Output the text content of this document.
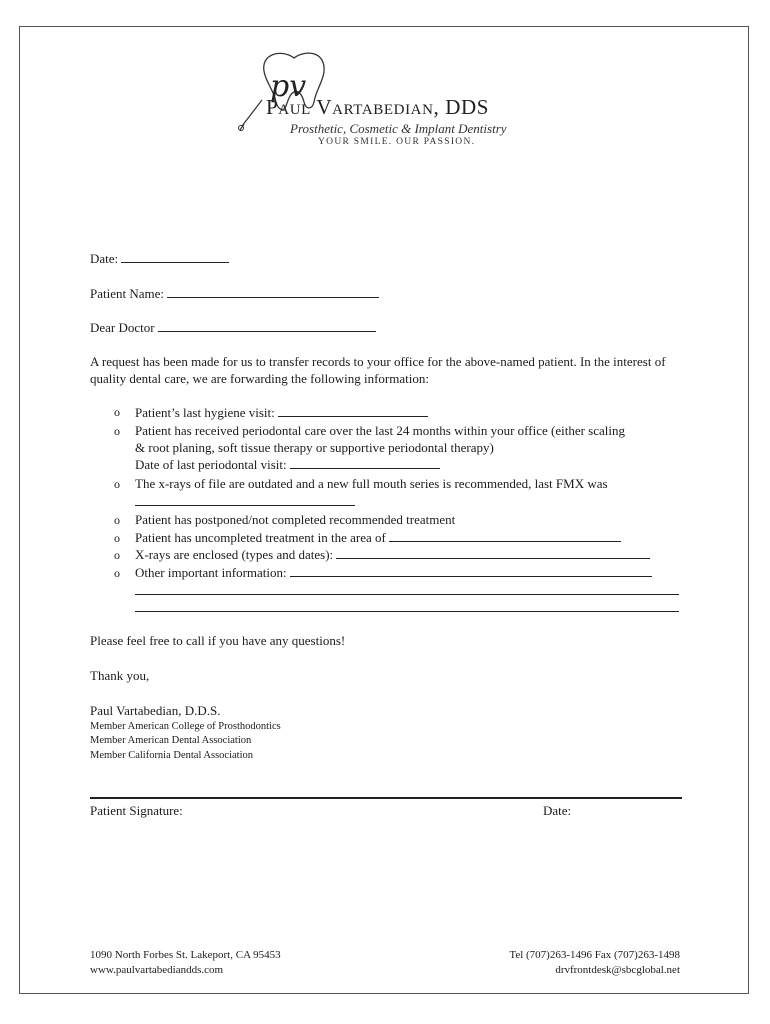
pv
Paul Vartabedian, DDS
Prosthetic, Cosmetic & Implant Dentistry
YOUR SMILE. OUR PASSION.
Date:
Patient Name:
Dear Doctor
A request has been made for us to transfer records to your office for the above-named patient. In the interest of quality dental care, we are forwarding the following information:
o Patient’s last hygiene visit:
o Patient has received periodontal care over the last 24 months within your office (either scaling
& root planing, soft tissue therapy or supportive periodontal therapy)
Date of last periodontal visit:
o The x-rays of file are outdated and a new full mouth series is recommended, last FMX was
o Patient has postponed/not completed recommended treatment
o Patient has uncompleted treatment in the area of
o X-rays are enclosed (types and dates):
o Other important information:
Please feel free to call if you have any questions!
Thank you,
Paul Vartabedian, D.D.S.
Member American College of Prosthodontics
Member American Dental Association
Member California Dental Association
Patient Signature:	Date:
1090 North Forbes St. Lakeport, CA 95453
www.paulvartabediandds.com
Tel (707)263-1496 Fax (707)263-1498
drvfrontdesk@sbcglobal.net
